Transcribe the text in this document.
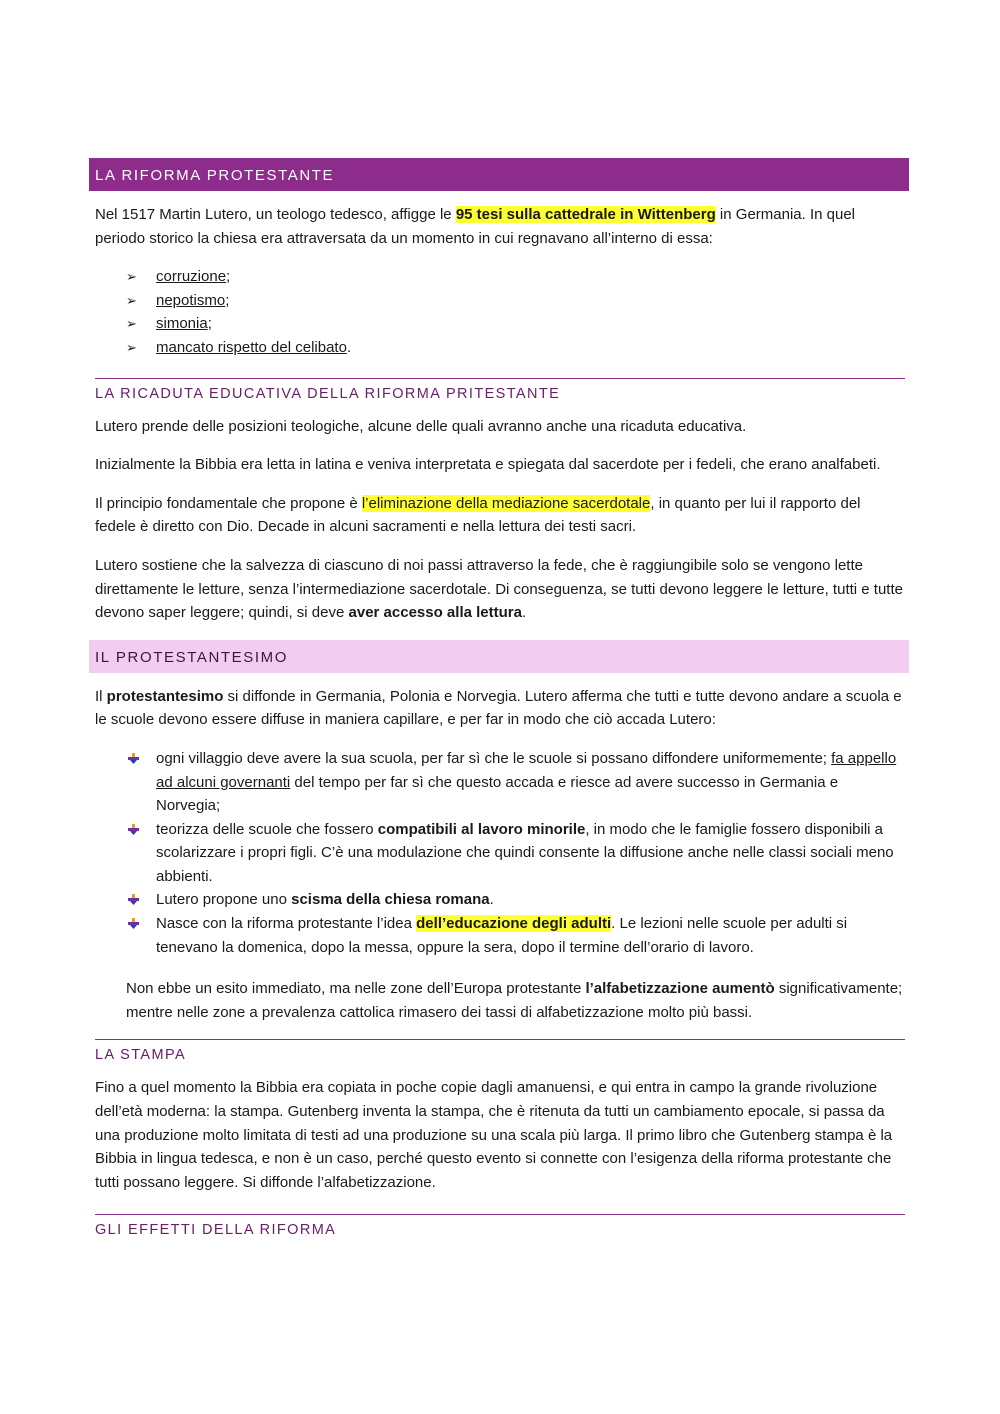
LA RIFORMA PROTESTANTE

Nel 1517 Martin Lutero, un teologo tedesco, affigge le 95 tesi sulla cattedrale in Wittenberg in Germania. In quel periodo storico la chiesa era attraversata da un momento in cui regnavano all’interno di essa:

➢ corruzione;
➢ nepotismo;
➢ simonia;
➢ mancato rispetto del celibato.
LA RICADUTA EDUCATIVA DELLA RIFORMA PRITESTANTE

Lutero prende delle posizioni teologiche, alcune delle quali avranno anche una ricaduta educativa.

Inizialmente la Bibbia era letta in latina e veniva interpretata e spiegata dal sacerdote per i fedeli, che erano analfabeti.

Il principio fondamentale che propone è l’eliminazione della mediazione sacerdotale, in quanto per lui il rapporto del fedele è diretto con Dio. Decade in alcuni sacramenti e nella lettura dei testi sacri.

Lutero sostiene che la salvezza di ciascuno di noi passi attraverso la fede, che è raggiungibile solo se vengono lette direttamente le letture, senza l’intermediazione sacerdotale. Di conseguenza, se tutti devono leggere le letture, tutti e tutte devono saper leggere; quindi, si deve aver accesso alla lettura.

IL PROTESTANTESIMO

Il protestantesimo si diffonde in Germania, Polonia e Norvegia. Lutero afferma che tutti e tutte devono andare a scuola e le scuole devono essere diffuse in maniera capillare, e per far in modo che ciò accada Lutero:

ogni villaggio deve avere la sua scuola, per far sì che le scuole si possano diffondere uniformemente; fa appello ad alcuni governanti del tempo per far sì che questo accada e riesce ad avere successo in Germania e Norvegia;
teorizza delle scuole che fossero compatibili al lavoro minorile, in modo che le famiglie fossero disponibili a scolarizzare i propri figli. C’è una modulazione che quindi consente la diffusione anche nelle classi sociali meno abbienti.
Lutero propone uno scisma della chiesa romana.
Nasce con la riforma protestante l’idea dell’educazione degli adulti. Le lezioni nelle scuole per adulti si tenevano la domenica, dopo la messa, oppure la sera, dopo il termine dell’orario di lavoro.

Non ebbe un esito immediato, ma nelle zone dell’Europa protestante l’alfabetizzazione aumentò significativamente; mentre nelle zone a prevalenza cattolica rimasero dei tassi di alfabetizzazione molto più bassi.

LA STAMPA

Fino a quel momento la Bibbia era copiata in poche copie dagli amanuensi, e qui entra in campo la grande rivoluzione dell’età moderna: la stampa. Gutenberg inventa la stampa, che è ritenuta da tutti un cambiamento epocale, si passa da una produzione molto limitata di testi ad una produzione su una scala più larga. Il primo libro che Gutenberg stampa è la Bibbia in lingua tedesca, e non è un caso, perché questo evento si connette con l’esigenza della riforma protestante che tutti possano leggere. Si diffonde l’alfabetizzazione.

GLI EFFETTI DELLA RIFORMA
